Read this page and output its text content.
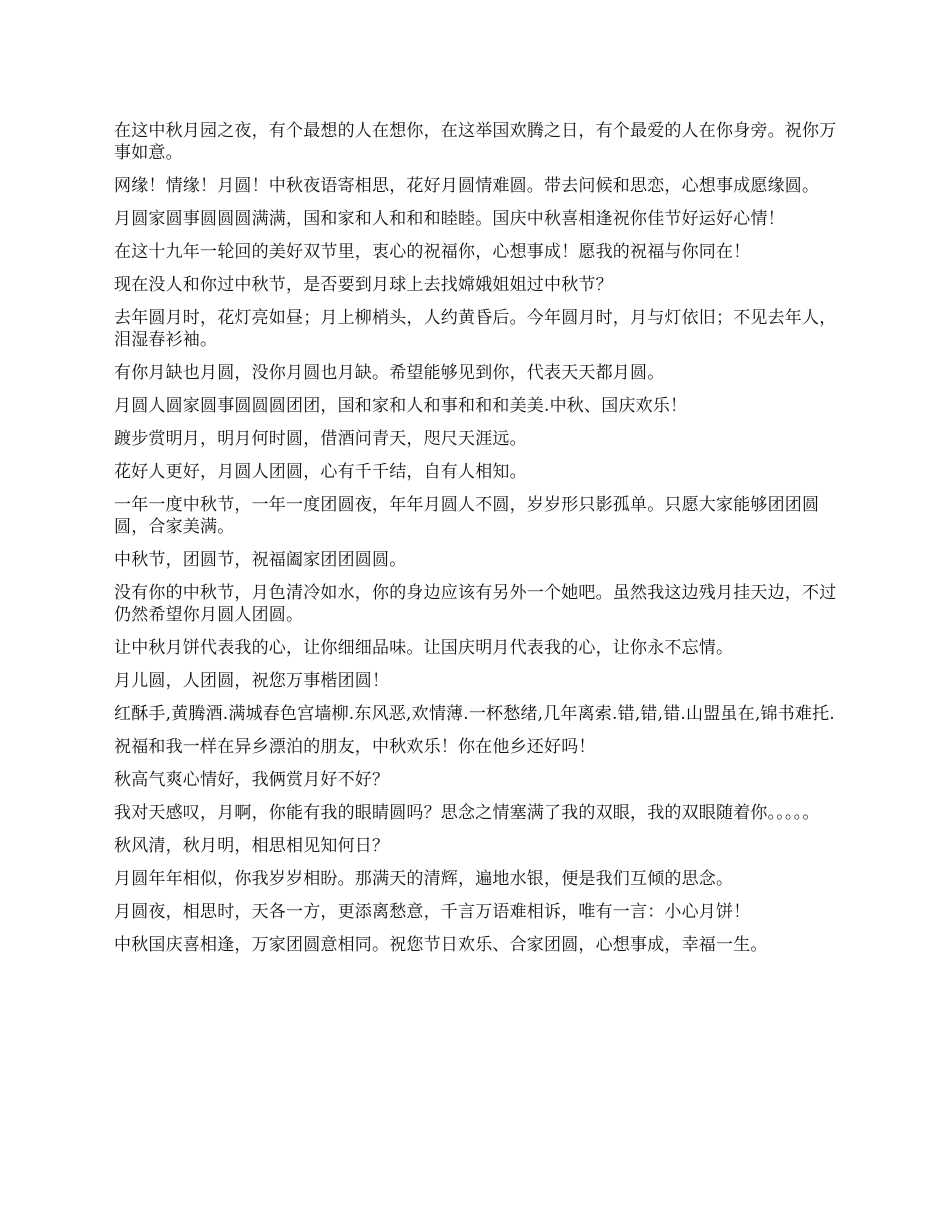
在这中秋月园之夜，有个最想的人在想你，在这举国欢腾之日，有个最爱的人在你身旁。祝你万事如意。

网缘！情缘！月圆！中秋夜语寄相思，花好月圆情难圆。带去问候和思恋，心想事成愿缘圆。

月圆家圆事圆圆圆满满，国和家和人和和和睦睦。国庆中秋喜相逢祝你佳节好运好心情！

在这十九年一轮回的美好双节里，衷心的祝福你，心想事成！愿我的祝福与你同在！

现在没人和你过中秋节，是否要到月球上去找嫦娥姐姐过中秋节？

去年圆月时，花灯亮如昼；月上柳梢头，人约黄昏后。今年圆月时，月与灯依旧；不见去年人，泪湿春衫袖。

有你月缺也月圆，没你月圆也月缺。希望能够见到你，代表天天都月圆。

月圆人圆家圆事圆圆圆团团，国和家和人和事和和和美美.中秋、国庆欢乐！

踱步赏明月，明月何时圆，借酒问青天，咫尺天涯远。

花好人更好，月圆人团圆，心有千千结，自有人相知。

一年一度中秋节，一年一度团圆夜，年年月圆人不圆，岁岁形只影孤单。只愿大家能够团团圆圆，合家美满。

中秋节，团圆节，祝福阖家团团圆圆。

没有你的中秋节，月色清冷如水，你的身边应该有另外一个她吧。虽然我这边残月挂天边，不过仍然希望你月圆人团圆。

让中秋月饼代表我的心，让你细细品味。让国庆明月代表我的心，让你永不忘情。

月儿圆，人团圆，祝您万事楷团圆！

红酥手,黄腾酒.满城春色宫墙柳.东风恶,欢情薄.一杯愁绪,几年离索.错,错,错.山盟虽在,锦书难托.

祝福和我一样在异乡漂泊的朋友，中秋欢乐！你在他乡还好吗！

秋高气爽心情好，我俩赏月好不好？

我对天感叹，月啊，你能有我的眼睛圆吗？思念之情塞满了我的双眼，我的双眼随着你。。。。。

秋风清，秋月明，相思相见知何日？

月圆年年相似，你我岁岁相盼。那满天的清辉，遍地水银，便是我们互倾的思念。

月圆夜，相思时，天各一方，更添离愁意，千言万语难相诉，唯有一言：小心月饼！

中秋国庆喜相逢，万家团圆意相同。祝您节日欢乐、合家团圆，心想事成，幸福一生。
